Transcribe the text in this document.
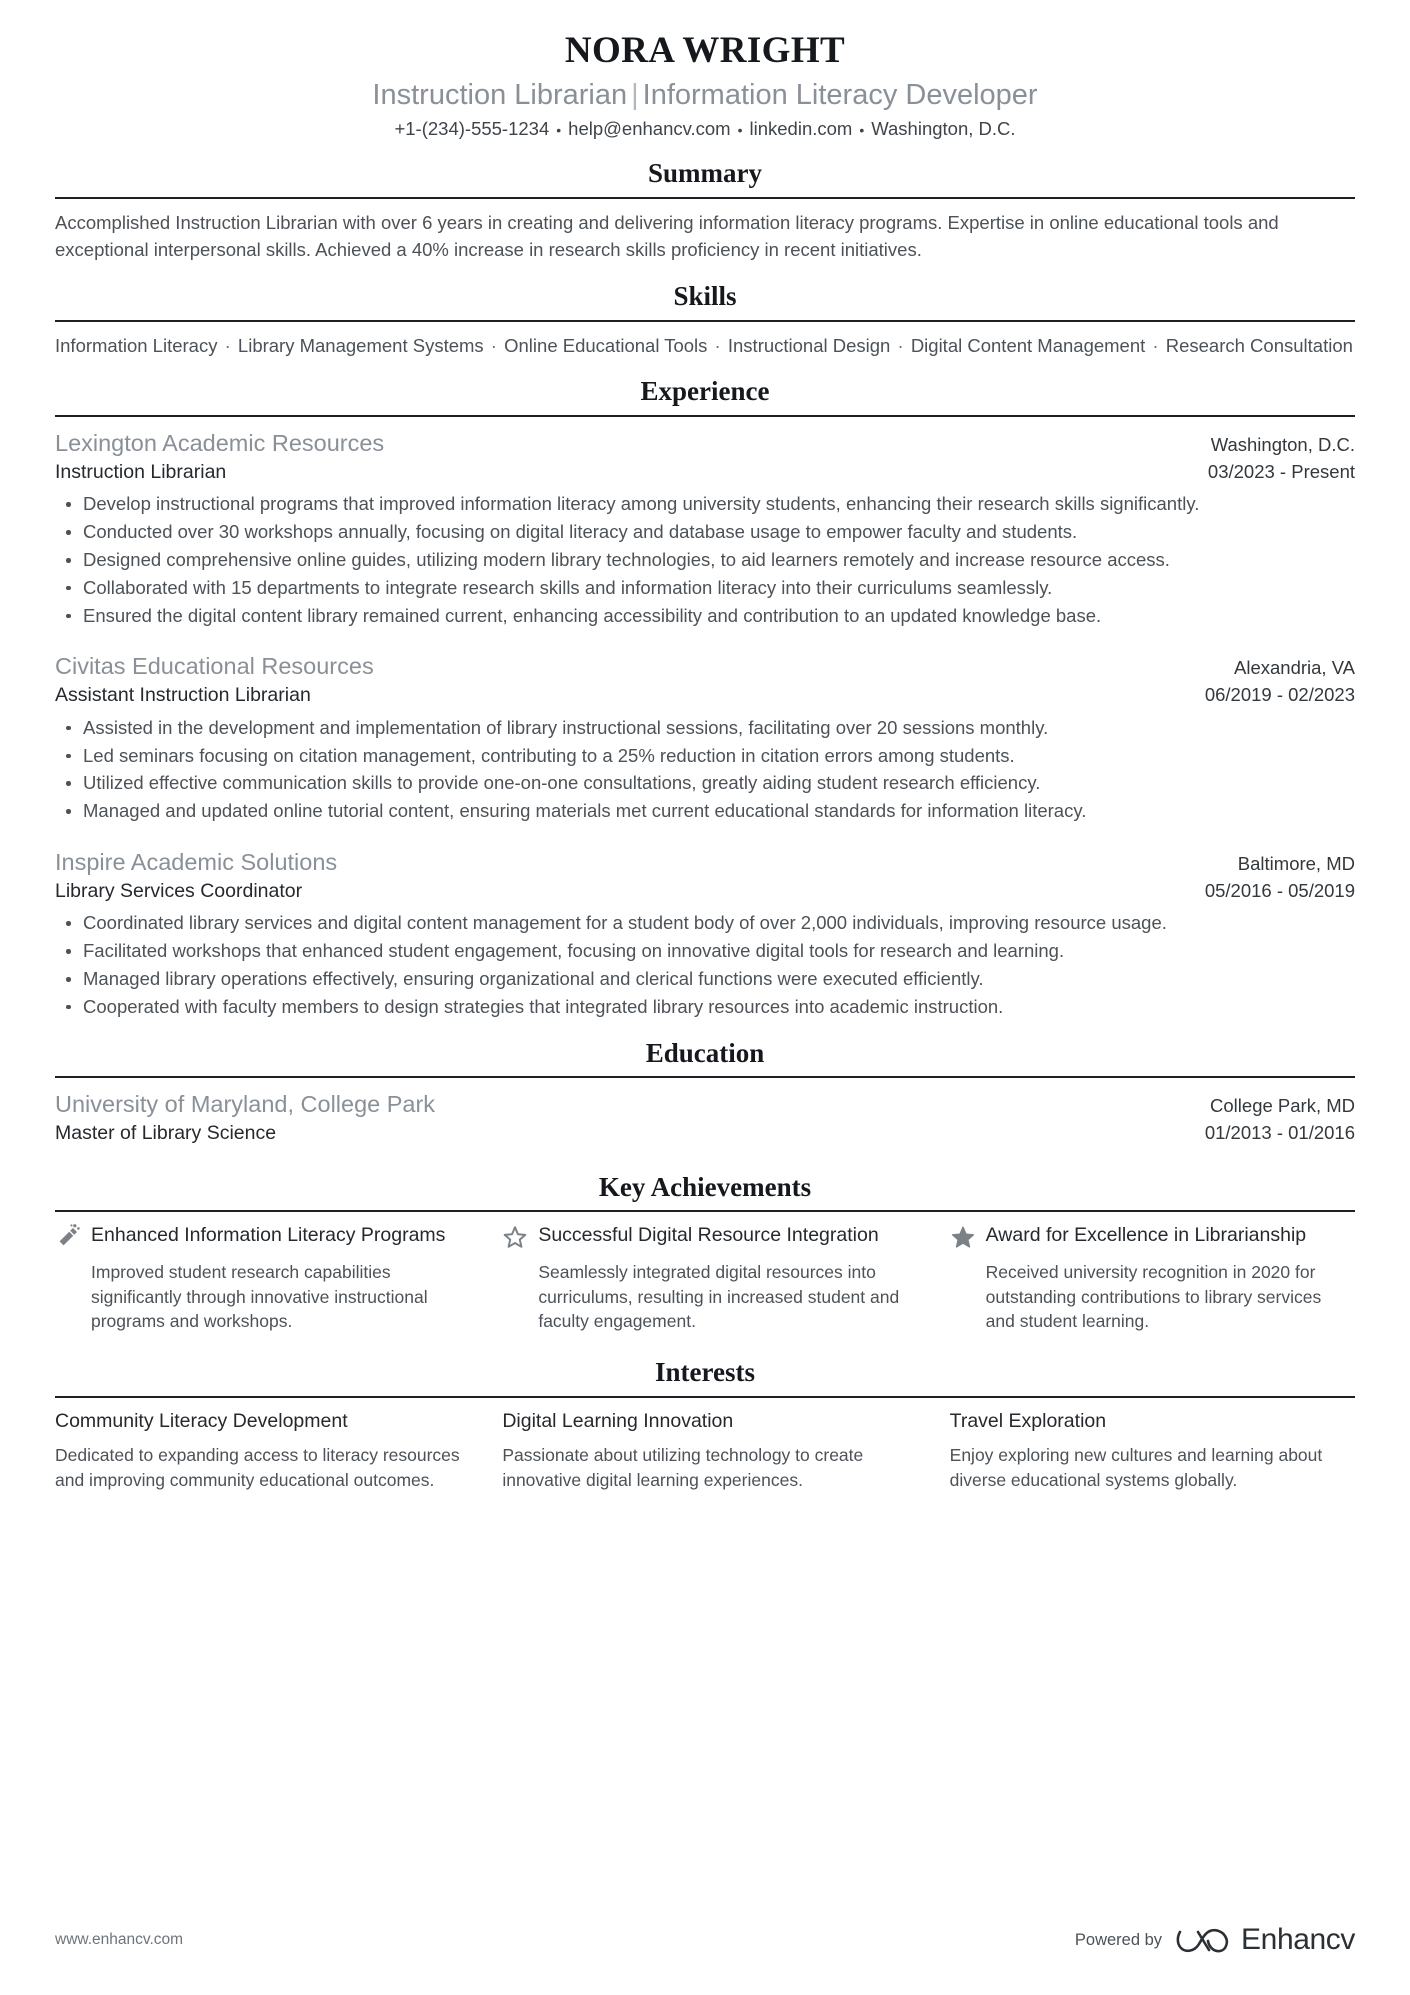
NORA WRIGHT
Instruction Librarian | Information Literacy Developer
+1-(234)-555-1234 • help@enhancv.com • linkedin.com • Washington, D.C.
Summary
Accomplished Instruction Librarian with over 6 years in creating and delivering information literacy programs. Expertise in online educational tools and exceptional interpersonal skills. Achieved a 40% increase in research skills proficiency in recent initiatives.
Skills
Information Literacy · Library Management Systems · Online Educational Tools · Instructional Design · Digital Content Management · Research Consultation
Experience
Lexington Academic Resources	Washington, D.C.
Instruction Librarian	03/2023 - Present
Develop instructional programs that improved information literacy among university students, enhancing their research skills significantly.
Conducted over 30 workshops annually, focusing on digital literacy and database usage to empower faculty and students.
Designed comprehensive online guides, utilizing modern library technologies, to aid learners remotely and increase resource access.
Collaborated with 15 departments to integrate research skills and information literacy into their curriculums seamlessly.
Ensured the digital content library remained current, enhancing accessibility and contribution to an updated knowledge base.
Civitas Educational Resources	Alexandria, VA
Assistant Instruction Librarian	06/2019 - 02/2023
Assisted in the development and implementation of library instructional sessions, facilitating over 20 sessions monthly.
Led seminars focusing on citation management, contributing to a 25% reduction in citation errors among students.
Utilized effective communication skills to provide one-on-one consultations, greatly aiding student research efficiency.
Managed and updated online tutorial content, ensuring materials met current educational standards for information literacy.
Inspire Academic Solutions	Baltimore, MD
Library Services Coordinator	05/2016 - 05/2019
Coordinated library services and digital content management for a student body of over 2,000 individuals, improving resource usage.
Facilitated workshops that enhanced student engagement, focusing on innovative digital tools for research and learning.
Managed library operations effectively, ensuring organizational and clerical functions were executed efficiently.
Cooperated with faculty members to design strategies that integrated library resources into academic instruction.
Education
University of Maryland, College Park	College Park, MD
Master of Library Science	01/2013 - 01/2016
Key Achievements
Enhanced Information Literacy Programs
Improved student research capabilities significantly through innovative instructional programs and workshops.
Successful Digital Resource Integration
Seamlessly integrated digital resources into curriculums, resulting in increased student and faculty engagement.
Award for Excellence in Librarianship
Received university recognition in 2020 for outstanding contributions to library services and student learning.
Interests
Community Literacy Development
Dedicated to expanding access to literacy resources and improving community educational outcomes.
Digital Learning Innovation
Passionate about utilizing technology to create innovative digital learning experiences.
Travel Exploration
Enjoy exploring new cultures and learning about diverse educational systems globally.
www.enhancv.com	Powered by	Enhancv
